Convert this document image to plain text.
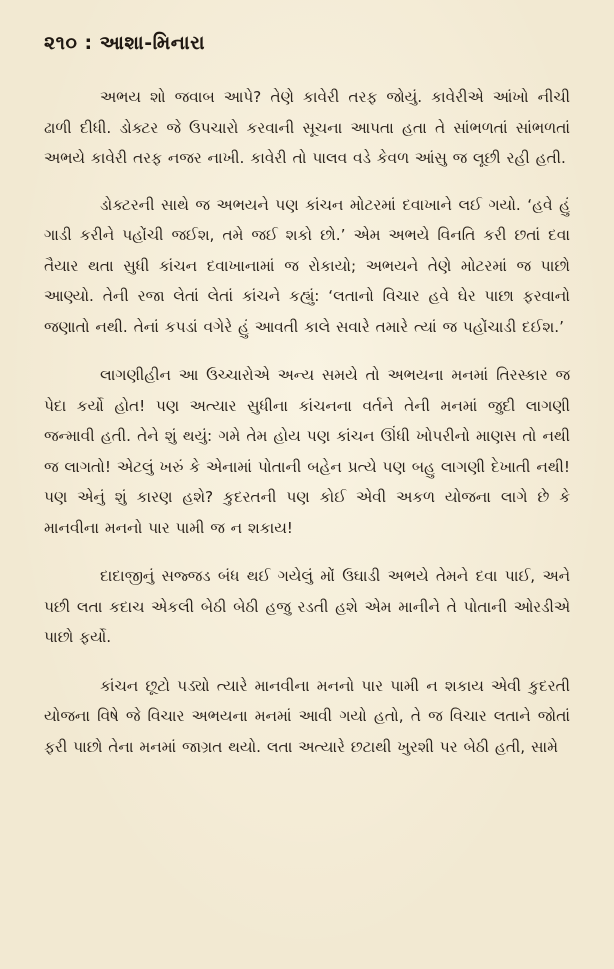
૨૧૦ : આશા-મિનારા

અભય શો જવાબ આપે? તેણે કાવેરી તરફ જોયું. કાવેરીએ આંખો નીચી ઢાળી દીધી. ડોક્ટર જે ઉપચારો કરવાની સૂચના આપતા હતા તે સાંભળતાં સાંભળતાં અભયે કાવેરી તરફ નજર નાખી. કાવેરી તો પાલવ વડે કેવળ આંસુ જ લૂછી રહી હતી.

ડોક્ટરની સાથે જ અભયને પણ કાંચન મોટરમાં દવાખાને લઈ ગયો. ‘હવે હું ગાડી કરીને પહોંચી જઈશ, તમે જઈ શકો છો.’ એમ અભયે વિનતિ કરી છતાં દવા તૈયાર થતા સુધી કાંચન દવાખાનામાં જ રોકાયો; અભયને તેણે મોટરમાં જ પાછો આણ્યો. તેની રજા લેતાં લેતાં કાંચને કહ્યું: ‘લતાનો વિચાર હવે ઘેર પાછા ફરવાનો જણાતો નથી. તેનાં કપડાં વગેરે હું આવતી કાલે સવારે તમારે ત્યાં જ પહોંચાડી દઈશ.’

લાગણીહીન આ ઉચ્ચારોએ અન્ય સમયે તો અભયના મનમાં તિરસ્કાર જ પેદા કર્યો હોત! પણ અત્યાર સુધીના કાંચનના વર્તને તેની મનમાં જુદી લાગણી જન્માવી હતી. તેને શું થયું: ગમે તેમ હોય પણ કાંચન ઊંધી ખોપરીનો માણસ તો નથી જ લાગતો! એટલું ખરું કે એનામાં પોતાની બહેન પ્રત્યે પણ બહુ લાગણી દેખાતી નથી! પણ એનું શું કારણ હશે? કુદરતની પણ કોઈ એવી અકળ યોજના લાગે છે કે માનવીના મનનો પાર પામી જ ન શકાય!

દાદાજીનું સજ્જડ બંધ થઈ ગયેલું મોં ઉઘાડી અભયે તેમને દવા પાઈ, અને પછી લતા કદાચ એકલી બેઠી બેઠી હજુ રડતી હશે એમ માનીને તે પોતાની ઓરડીએ પાછો ફર્યો.

કાંચન છૂટો પડ્યો ત્યારે માનવીના મનનો પાર પામી ન શકાય એવી કુદરતી યોજના વિષે જે વિચાર અભયના મનમાં આવી ગયો હતો, તે જ વિચાર લતાને જોતાં ફરી પાછો તેના મનમાં જાગ્રત થયો. લતા અત્યારે છટાથી ખુરશી પર બેઠી હતી, સામે
